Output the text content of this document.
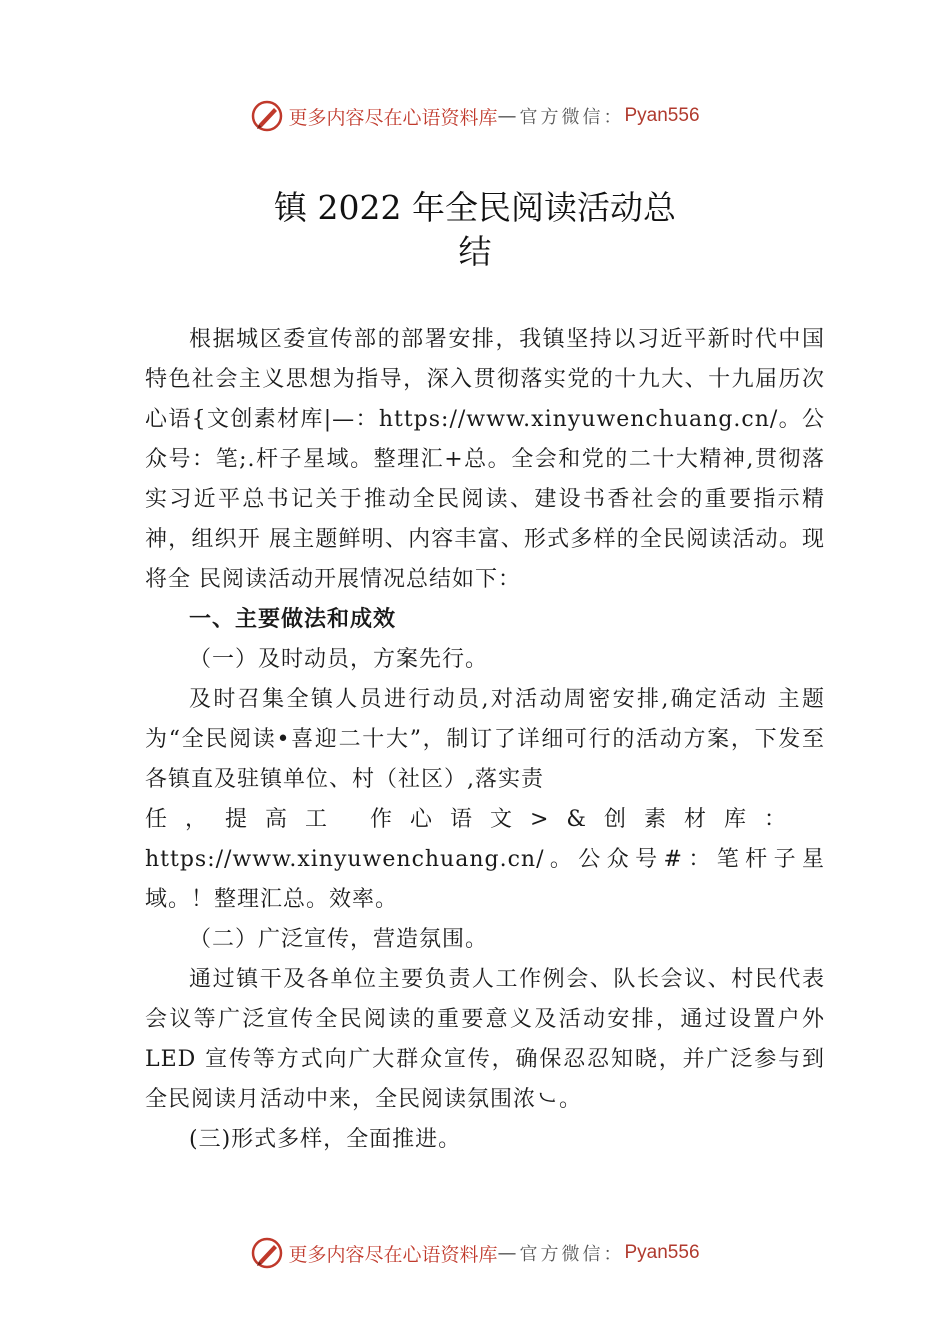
更多内容尽在心语资料库 — 官方微信： Pyan556
镇 2022 年全民阅读活动总
结

根据城区委宣传部的部署安排，我镇坚持以习近平新时代中国特色社会主义思想为指导，深入贯彻落实党的十九大、十九届历次心语{文创素材库|—：https://www.xinyuwenchuang.cn/。公众号：笔;.杆子星域。整理汇+总。全会和党的二十大精神,贯彻落实习近平总书记关于推动全民阅读、建设书香社会的重要指示精神，组织开 展主题鲜明、内容丰富、形式多样的全民阅读活动。现将全 民阅读活动开展情况总结如下：

一、主要做法和成效

（一）及时动员，方案先行。

及时召集全镇人员进行动员,对活动周密安排,确定活动 主题为“全民阅读•喜迎二十大”，制订了详细可行的活动方案，下发至各镇直及驻镇单位、村（社区）,落实责

任，提高工 作心语文>&创素材库：

https://www.xinyuwenchuang.cn/。公众号#：笔杆子星域。！整理汇总。效率。

（二）广泛宣传，营造氛围。

通过镇干及各单位主要负责人工作例会、队长会议、村民代表会议等广泛宣传全民阅读的重要意义及活动安排，通过设置户外 LED 宣传等方式向广大群众宣传，确保忍忍知晓，并广泛参与到全民阅读月活动中来，全民阅读氛围浓㇃。

(三)形式多样，全面推进。

更多内容尽在心语资料库 — 官方微信： Pyan556
